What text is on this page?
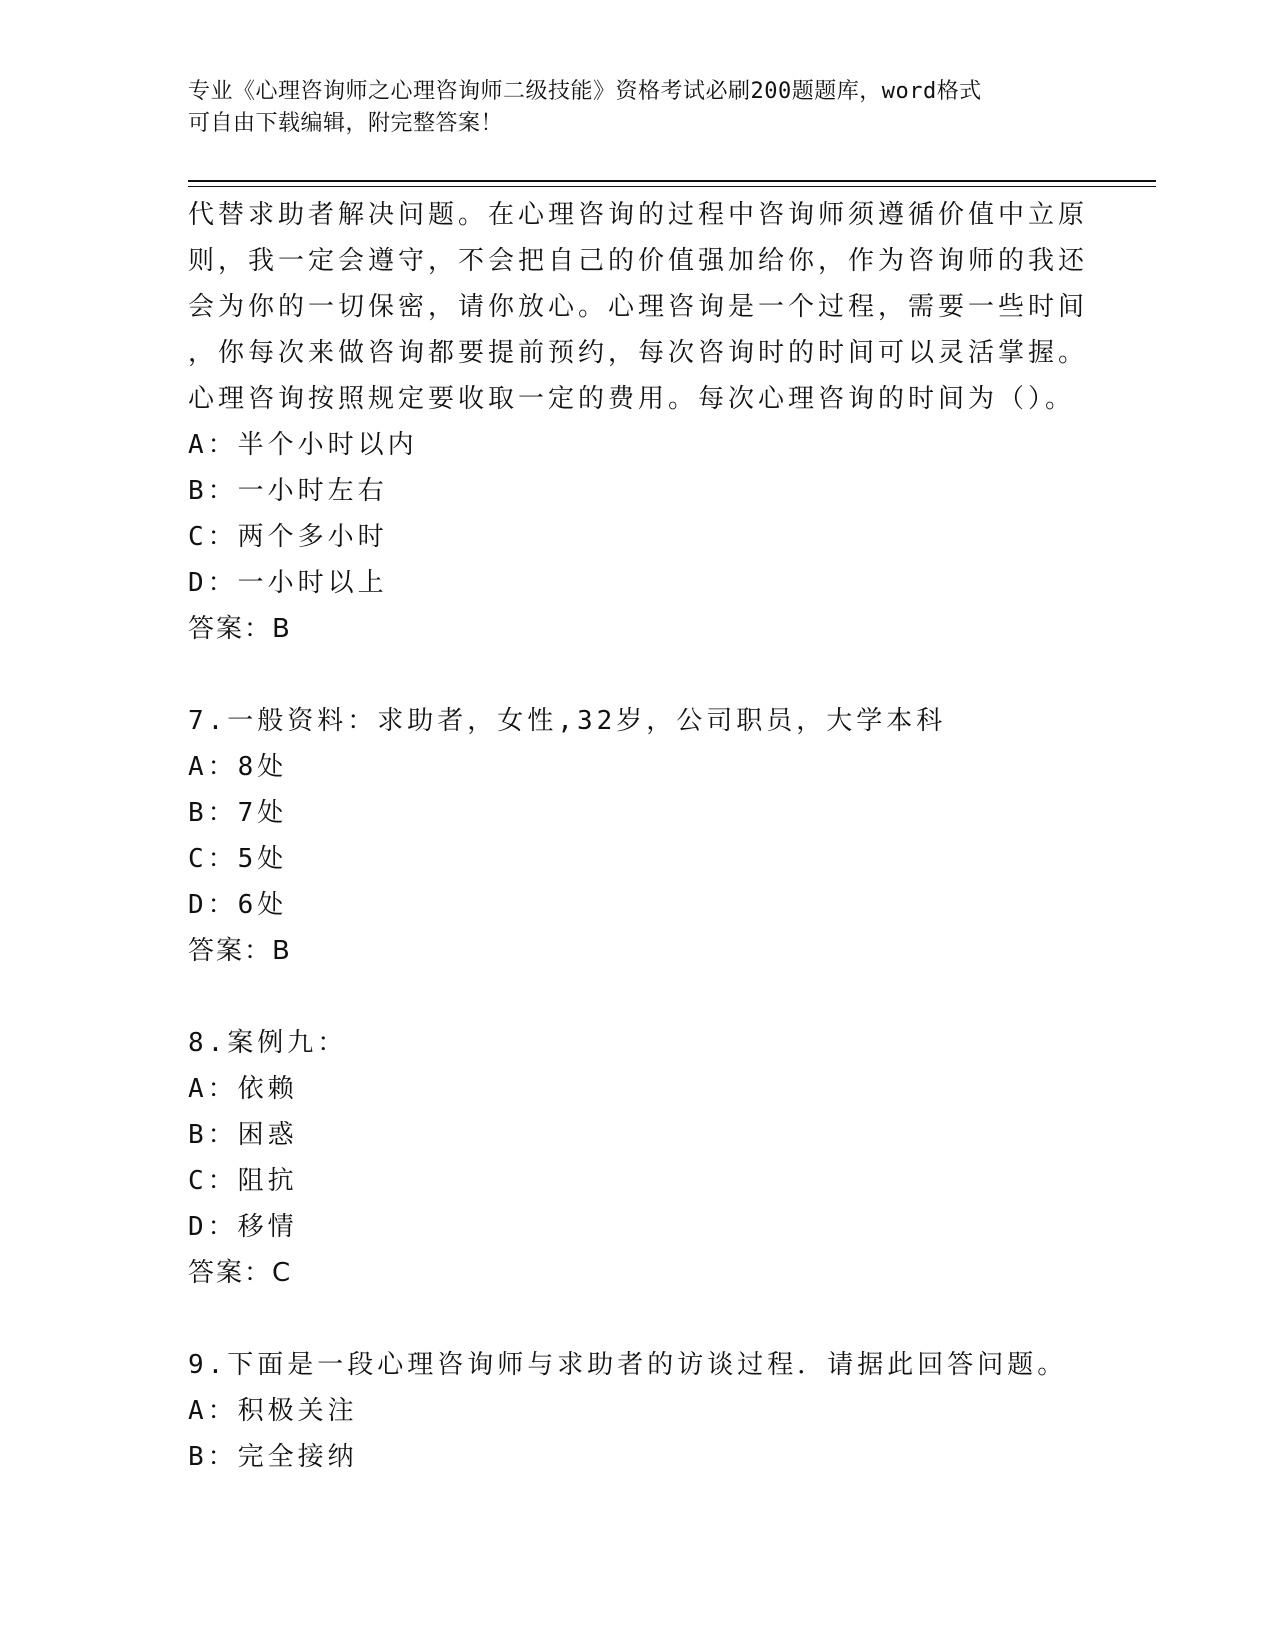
专业《心理咨询师之心理咨询师二级技能》资格考试必刷200题题库，word格式
可自由下载编辑，附完整答案！
代替求助者解决问题。在心理咨询的过程中咨询师须遵循价值中立原
则，我一定会遵守，不会把自己的价值强加给你，作为咨询师的我还
会为你的一切保密，请你放心。心理咨询是一个过程，需要一些时间
，你每次来做咨询都要提前预约，每次咨询时的时间可以灵活掌握。
心理咨询按照规定要收取一定的费用。每次心理咨询的时间为（）。
A：半个小时以内
B：一小时左右
C：两个多小时
D：一小时以上
答案：B
7.一般资料：求助者，女性,32岁，公司职员，大学本科
A：8处
B：7处
C：5处
D：6处
答案：B
8.案例九：
A：依赖
B：困惑
C：阻抗
D：移情
答案：C
9.下面是一段心理咨询师与求助者的访谈过程．请据此回答问题。
A：积极关注
B：完全接纳
